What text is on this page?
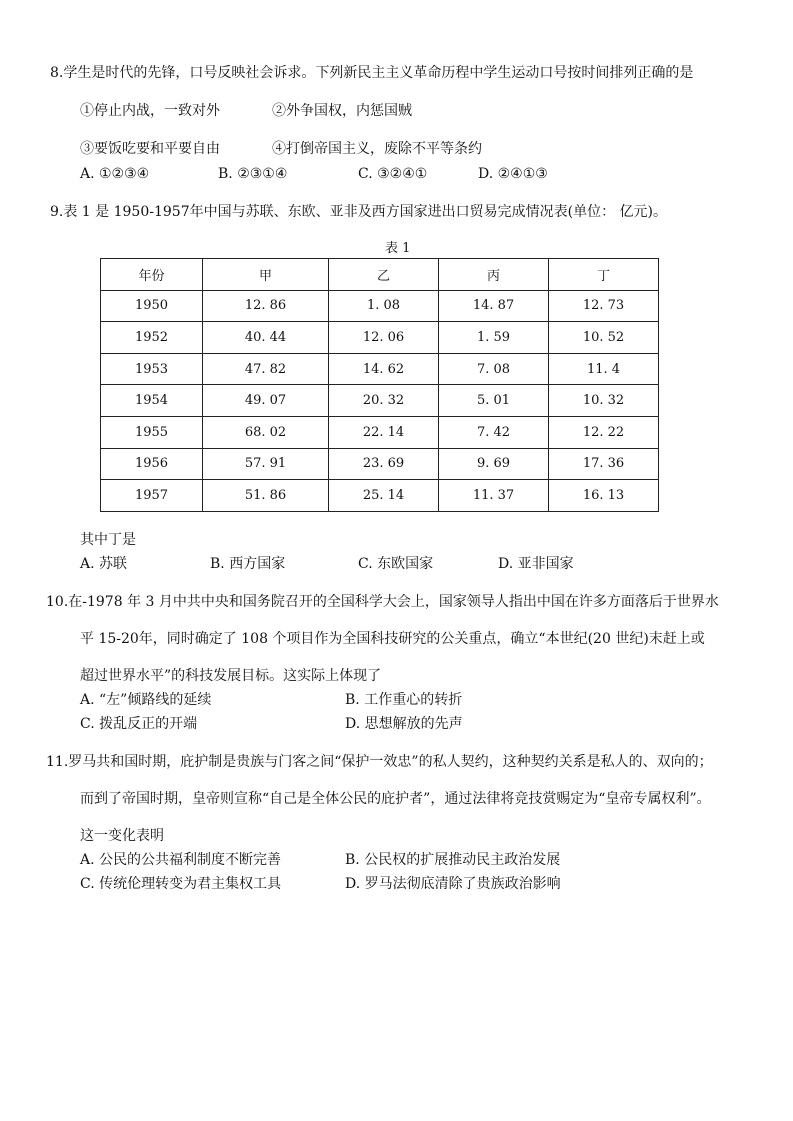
8.学生是时代的先锋，口号反映社会诉求。下列新民主主义革命历程中学生运动口号按时间排列正确的是
①停止内战，一致对外	②外争国权，内惩国贼
③要饭吃要和平要自由	④打倒帝国主义，废除不平等条约
A. ①②③④	B. ②③①④	C. ③②④①	D. ②④①③
9.表 1 是 1950-1957年中国与苏联、东欧、亚非及西方国家进出口贸易完成情况表(单位： 亿元)。
表 1
年份	甲	乙	丙	丁
1950	12. 86	1. 08	14. 87	12. 73
1952	40. 44	12. 06	1. 59	10. 52
1953	47. 82	14. 62	7. 08	11. 4
1954	49. 07	20. 32	5. 01	10. 32
1955	68. 02	22. 14	7. 42	12. 22
1956	57. 91	23. 69	9. 69	17. 36
1957	51. 86	25. 14	11. 37	16. 13
其中丁是
A. 苏联	B. 西方国家	C. 东欧国家	D. 亚非国家
10.在-1978 年 3 月中共中央和国务院召开的全国科学大会上，国家领导人指出中国在许多方面落后于世界水
平 15-20年，同时确定了 108 个项目作为全国科技研究的公关重点，确立“本世纪(20 世纪)末赶上或
超过世界水平”的科技发展目标。这实际上体现了
A. “左”倾路线的延续	B. 工作重心的转折
C. 拨乱反正的开端	D. 思想解放的先声
11.罗马共和国时期，庇护制是贵族与门客之间“保护一效忠”的私人契约，这种契约关系是私人的、双向的；
而到了帝国时期，皇帝则宣称“自己是全体公民的庇护者”，通过法律将竞技赏赐定为“皇帝专属权利”。
这一变化表明
A. 公民的公共福利制度不断完善	B. 公民权的扩展推动民主政治发展
C. 传统伦理转变为君主集权工具	D. 罗马法彻底清除了贵族政治影响
